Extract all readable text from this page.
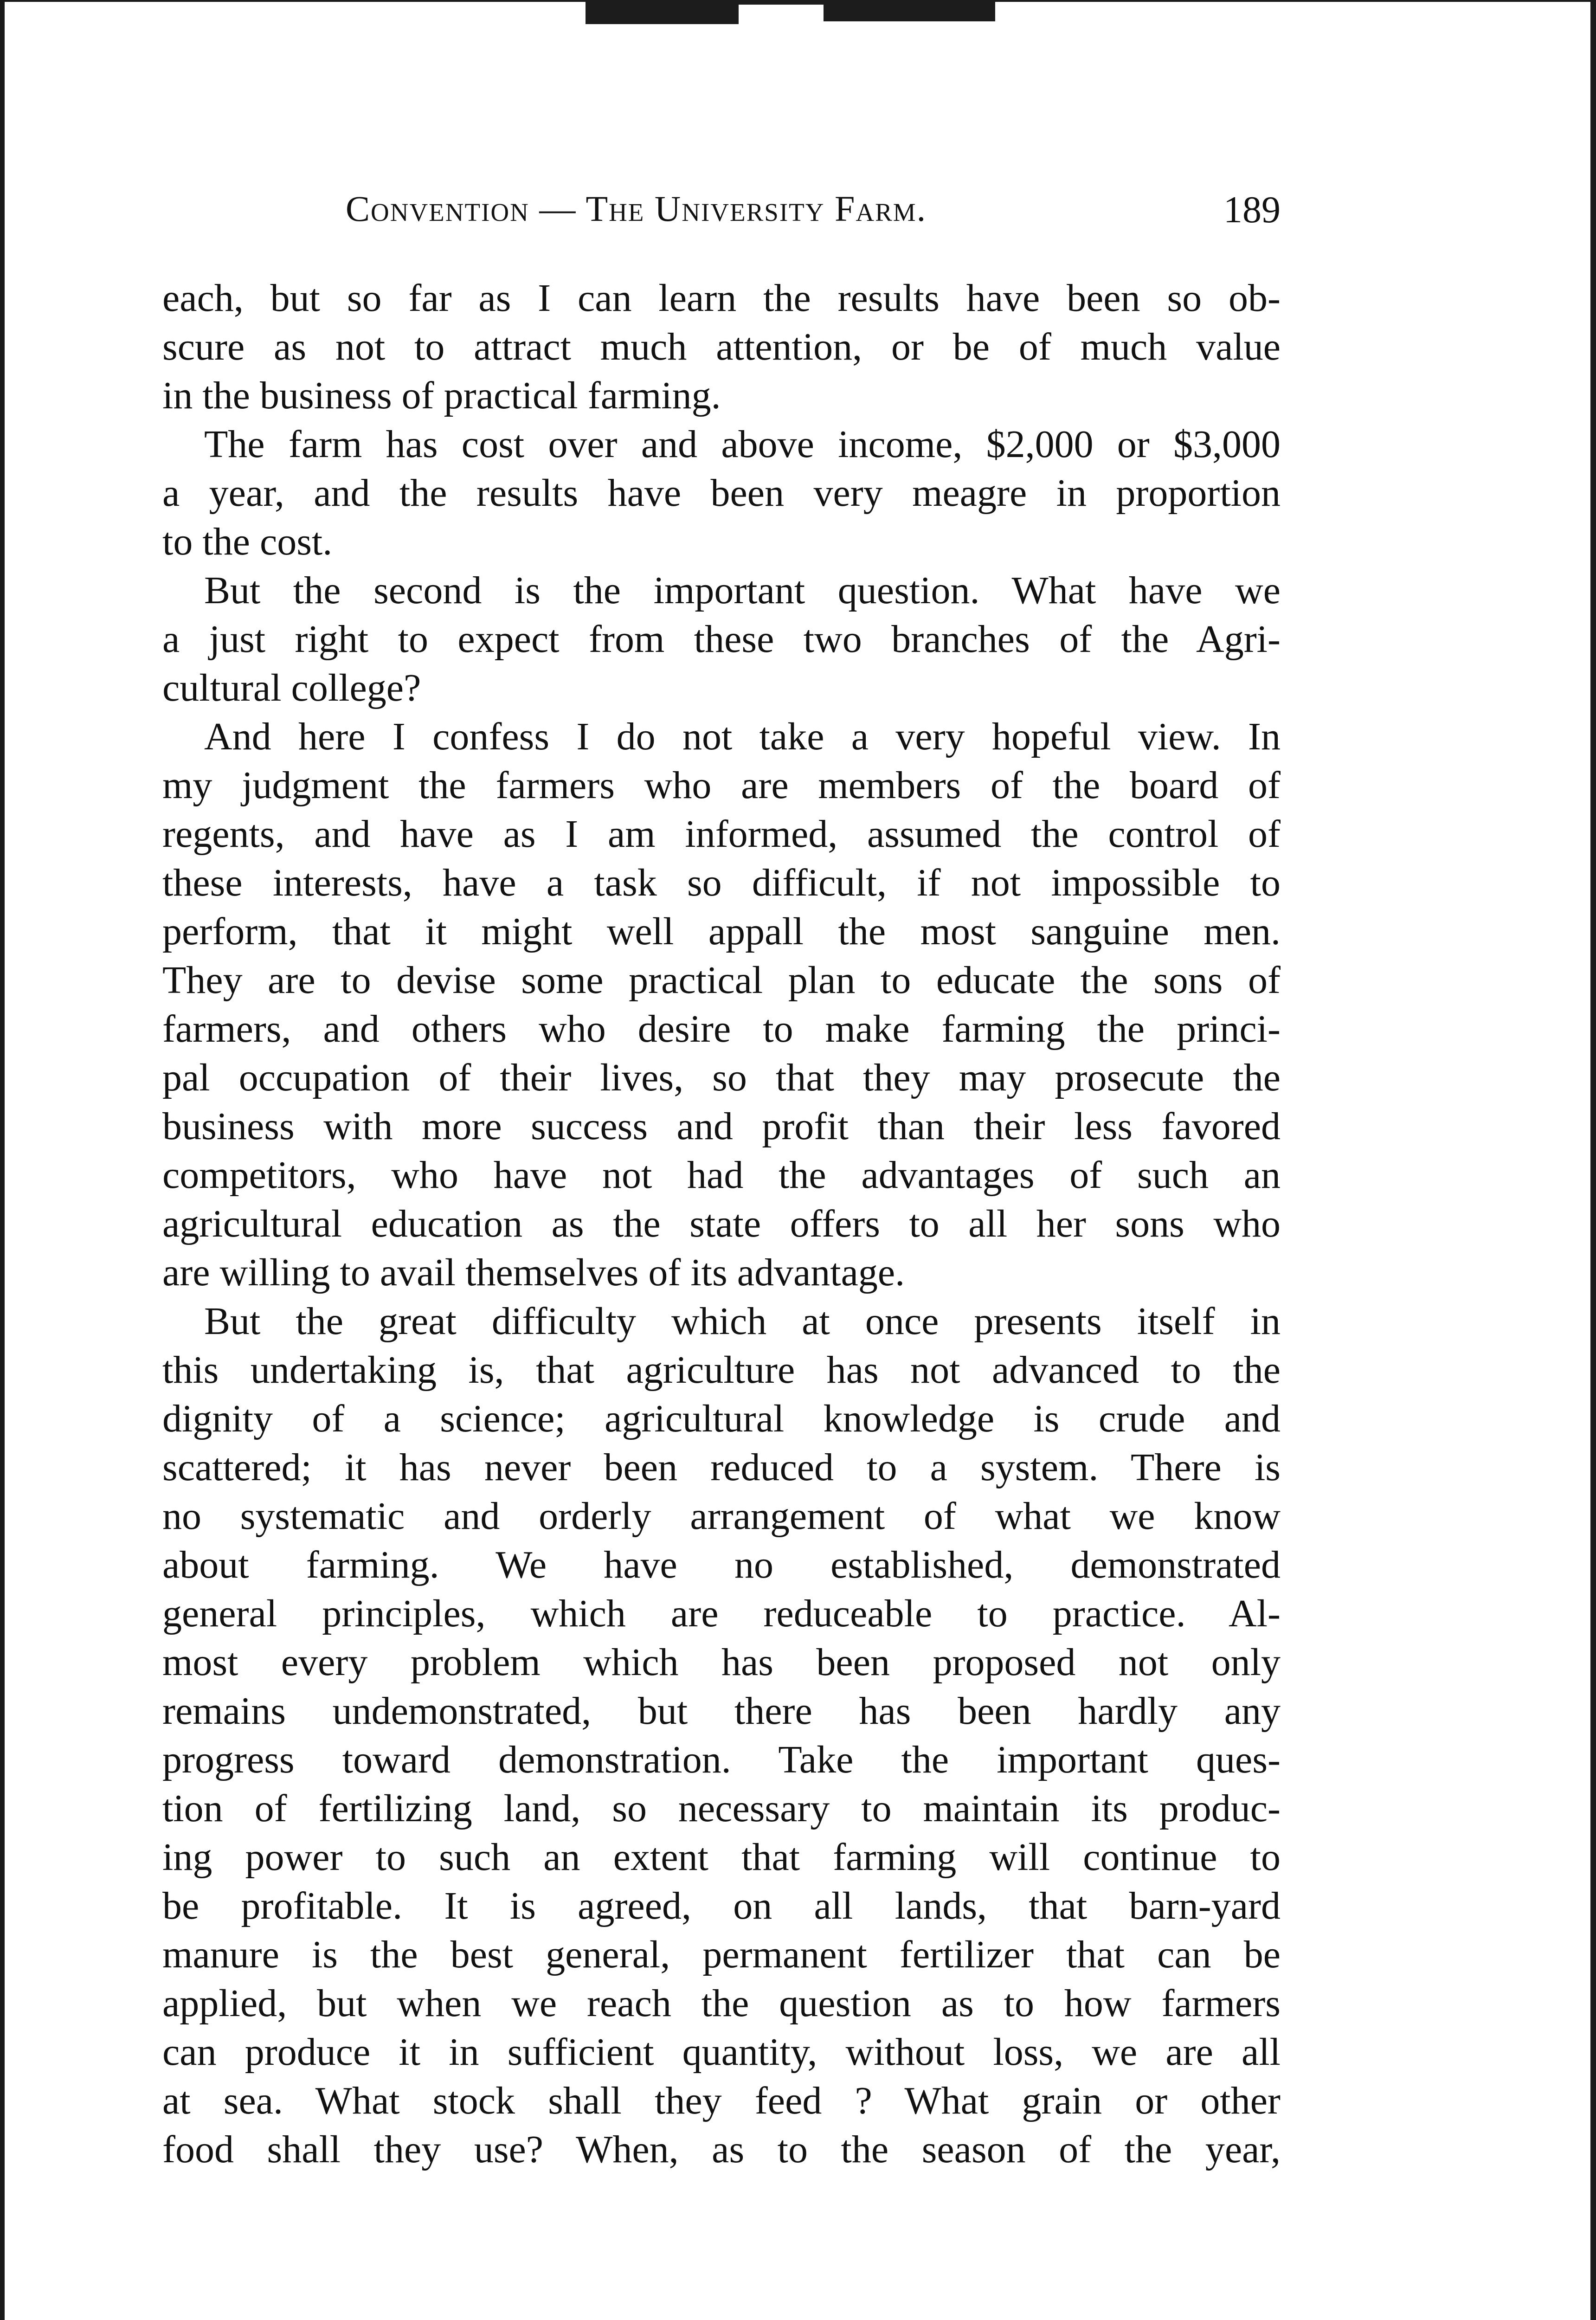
Convention — The University Farm.	189
each, but so far as I can learn the results have been so ob-
scure as not to attract much attention, or be of much value
in the business of practical farming.
The farm has cost over and above income, $2,000 or $3,000
a year, and the results have been very meagre in proportion
to the cost.
But the second is the important question. What have we
a just right to expect from these two branches of the Agri-
cultural college?
And here I confess I do not take a very hopeful view. In
my judgment the farmers who are members of the board of
regents, and have as I am informed, assumed the control of
these interests, have a task so difficult, if not impossible to
perform, that it might well appall the most sanguine men.
They are to devise some practical plan to educate the sons of
farmers, and others who desire to make farming the princi-
pal occupation of their lives, so that they may prosecute the
business with more success and profit than their less favored
competitors, who have not had the advantages of such an
agricultural education as the state offers to all her sons who
are willing to avail themselves of its advantage.
But the great difficulty which at once presents itself in
this undertaking is, that agriculture has not advanced to the
dignity of a science; agricultural knowledge is crude and
scattered; it has never been reduced to a system. There is
no systematic and orderly arrangement of what we know
about farming. We have no established, demonstrated
general principles, which are reduceable to practice. Al-
most every problem which has been proposed not only
remains undemonstrated, but there has been hardly any
progress toward demonstration. Take the important ques-
tion of fertilizing land, so necessary to maintain its produc-
ing power to such an extent that farming will continue to
be profitable. It is agreed, on all lands, that barn-yard
manure is the best general, permanent fertilizer that can be
applied, but when we reach the question as to how farmers
can produce it in sufficient quantity, without loss, we are all
at sea. What stock shall they feed ? What grain or other
food shall they use? When, as to the season of the year,
